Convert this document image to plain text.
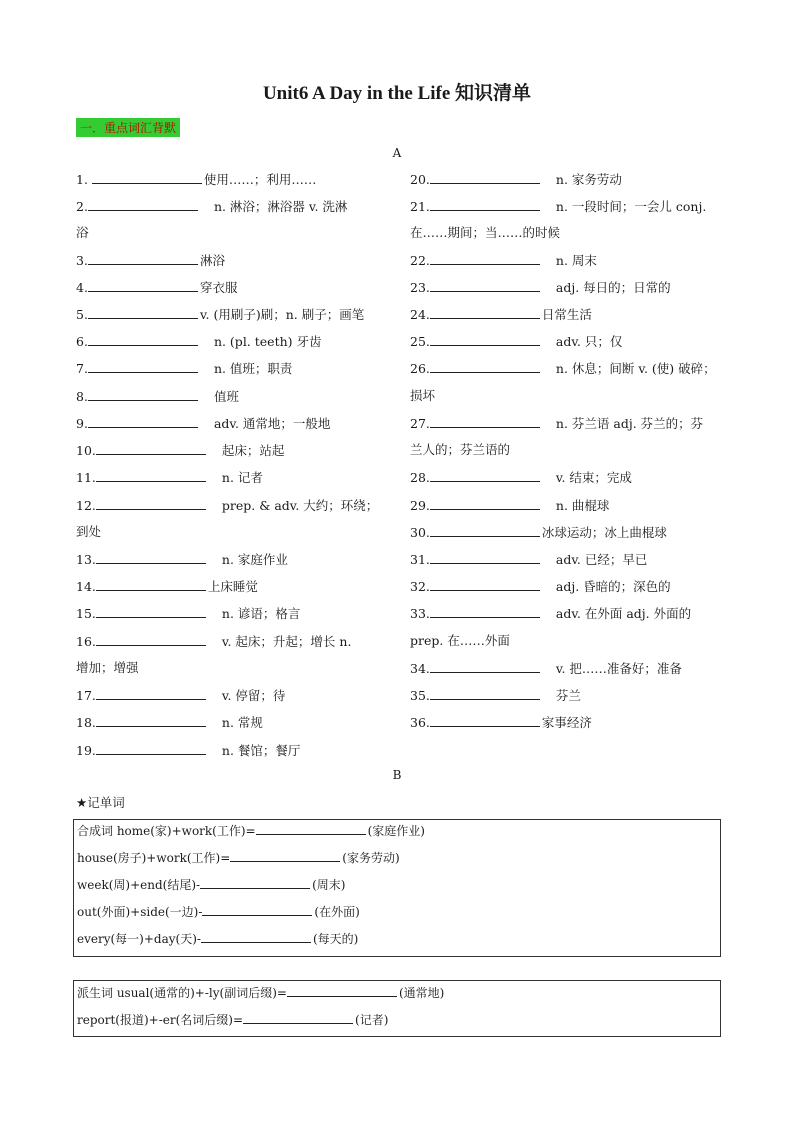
Unit6 A Day in the Life 知识清单
一．重点词汇背默
A
1.	使用……；利用……
2.	n. 淋浴；淋浴器 v. 洗淋
浴
3.	淋浴
4.	穿衣服
5.	v. (用刷子)刷；n. 刷子；画笔
6.	n. (pl. teeth) 牙齿
7.	n. 值班；职责
8.	值班
9.	adv. 通常地；一般地
10.	起床；站起
11.	n. 记者
12.	prep. & adv. 大约；环绕；
到处
13.	n. 家庭作业
14.	上床睡觉
15.	n. 谚语；格言
16.	v. 起床；升起；增长 n.
增加；增强
17.	v. 停留；待
18.	n. 常规
19.	n. 餐馆；餐厅
20.	n. 家务劳动
21.	n. 一段时间；一会儿 conj.
在……期间；当……的时候
22.	n. 周末
23.	adj. 每日的；日常的
24.	日常生活
25.	adv. 只；仅
26.	n. 休息；间断 v. (使) 破碎；
损坏
27.	n. 芬兰语 adj. 芬兰的；芬
兰人的；芬兰语的
28.	v. 结束；完成
29.	n. 曲棍球
30.	冰球运动；冰上曲棍球
31.	adv. 已经；早已
32.	adj. 昏暗的；深色的
33.	adv. 在外面 adj. 外面的
prep. 在……外面
34.	v. 把……准备好；准备
35.	芬兰
36.	家事经济
B
★记单词
合成词 home(家)+work(工作)=	(家庭作业)
house(房子)+work(工作)=	(家务劳动)
week(周)+end(结尾)-	(周末)
out(外面)+side(一边)-	(在外面)
every(每一)+day(天)-	(每天的)
派生词 usual(通常的)+-ly(副词后缀)=	(通常地)
report(报道)+-er(名词后缀)=	(记者)
